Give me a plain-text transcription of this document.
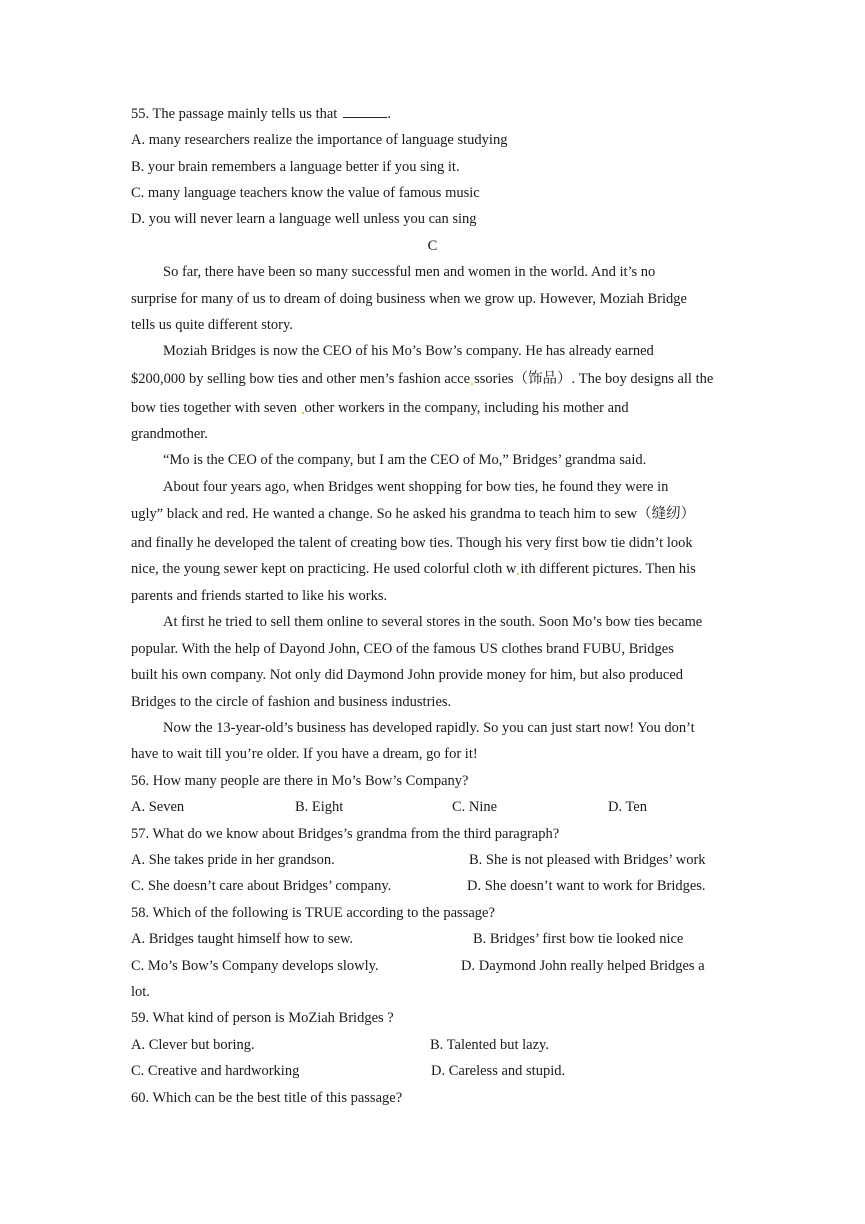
55. The passage mainly tells us that	.
A. many researchers realize the importance of language studying
B. your brain remembers a language better if you sing it.
C. many language teachers know the value of famous music
D. you will never learn a language well unless you can sing
C
So far, there have been so many successful men and women in the world. And it’s no
surprise for many of us to dream of doing business when we grow up. However, Moziah Bridge
tells us quite different story.
Moziah Bridges is now the CEO of his Mo’s Bow’s company. He has already earned
$200,000 by selling bow ties and other men’s fashion acce ssories（饰品）. The boy designs all the
bow ties together with seven other workers in the company, including his mother and
grandmother.
“Mo is the CEO of the company, but I am the CEO of Mo,” Bridges’ grandma said.
About four years ago, when Bridges went shopping for bow ties, he found they were in
ugly” black and red. He wanted a change. So he asked his grandma to teach him to sew（缝纫）
and finally he developed the talent of creating bow ties. Though his very first bow tie didn’t look
nice, the young sewer kept on practicing. He used colorful cloth w ith different pictures. Then his
parents and friends started to like his works.
At first he tried to sell them online to several stores in the south. Soon Mo’s bow ties became
popular. With the help of Dayond John, CEO of the famous US clothes brand FUBU, Bridges
built his own company. Not only did Daymond John provide money for him, but also produced
Bridges to the circle of fashion and business industries.
Now the 13-year-old’s business has developed rapidly. So you can just start now! You don’t
have to wait till you’re older. If you have a dream, go for it!
56. How many people are there in Mo’s Bow’s Company?
A. Seven	B. Eight	C. Nine	D. Ten
57. What do we know about Bridges’s grandma from the third paragraph?
A. She takes pride in her grandson.	B. She is not pleased with Bridges’ work
C. She doesn’t care about Bridges’ company.	D. She doesn’t want to work for Bridges.
58. Which of the following is TRUE according to the passage?
A. Bridges taught himself how to sew.	B. Bridges’ first bow tie looked nice
C. Mo’s Bow’s Company develops slowly.	D. Daymond John really helped Bridges a
lot.
59. What kind of person is MoZiah Bridges ?
A. Clever but boring.	B. Talented but lazy.
C. Creative and hardworking	D. Careless and stupid.
60. Which can be the best title of this passage?
